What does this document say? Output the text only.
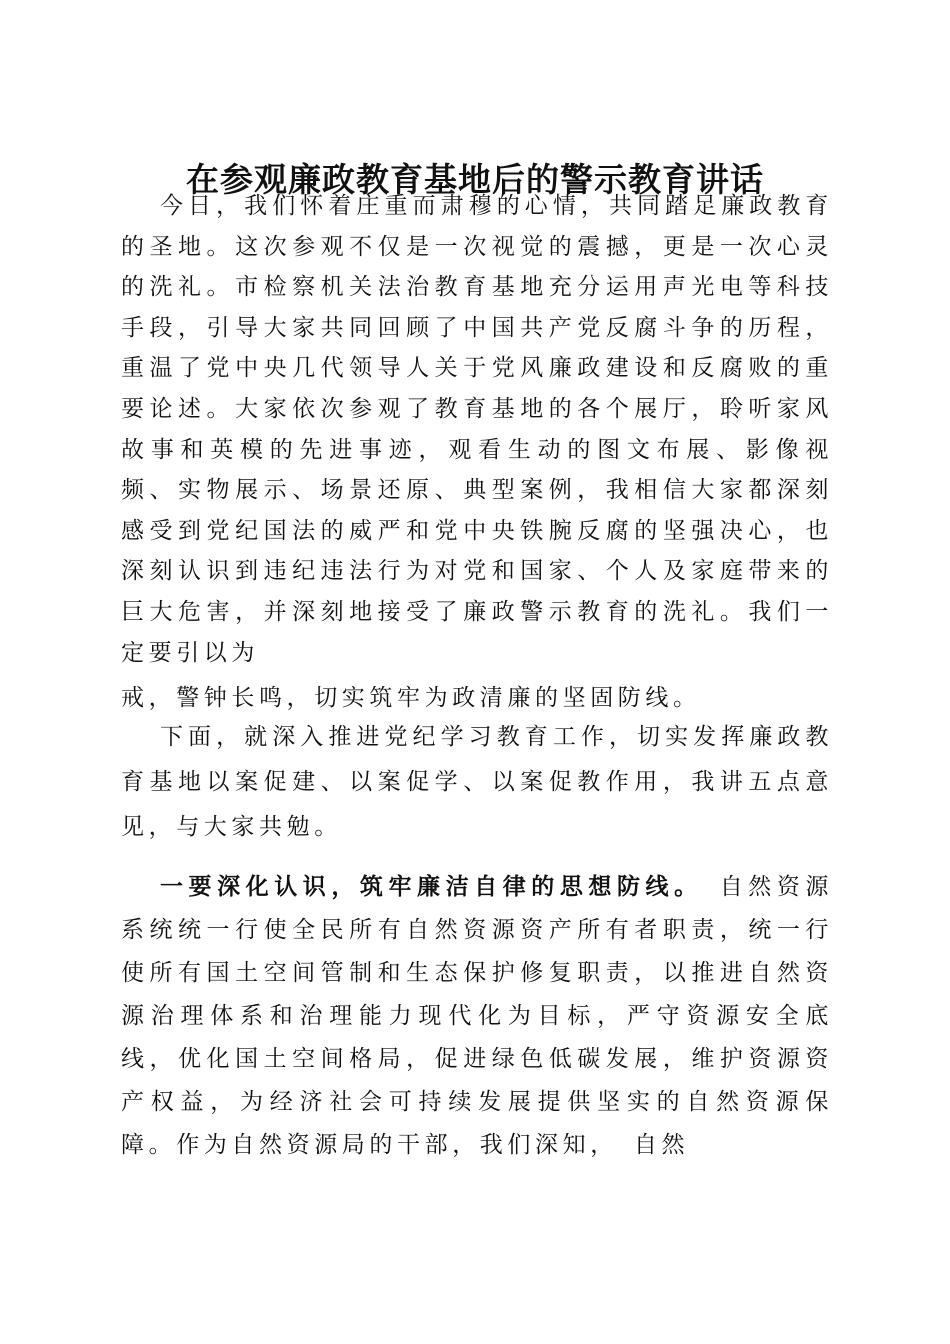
在参观廉政教育基地后的警示教育讲话

今日，我们怀着庄重而肃穆的心情，共同踏足廉政教育的圣地。这次参观不仅是一次视觉的震撼，更是一次心灵的洗礼。市检察机关法治教育基地充分运用声光电等科技手段，引导大家共同回顾了中国共产党反腐斗争的历程，重温了党中央几代领导人关于党风廉政建设和反腐败的重要论述。大家依次参观了教育基地的各个展厅，聆听家风故事和英模的先进事迹，观看生动的图文布展、影像视频、实物展示、场景还原、典型案例，我相信大家都深刻感受到党纪国法的威严和党中央铁腕反腐的坚强决心，也深刻认识到违纪违法行为对党和国家、个人及家庭带来的巨大危害，并深刻地接受了廉政警示教育的洗礼。我们一定要引以为
戒，警钟长鸣，切实筑牢为政清廉的坚固防线。

下面，就深入推进党纪学习教育工作，切实发挥廉政教育基地以案促建、以案促学、以案促教作用，我讲五点意见，与大家共勉。

一要深化认识，筑牢廉洁自律的思想防线。　自然资源系统统一行使全民所有自然资源资产所有者职责，统一行使所有国土空间管制和生态保护修复职责，以推进自然资源治理体系和治理能力现代化为目标，严守资源安全底线，优化国土空间格局，促进绿色低碳发展，维护资源资产权益，为经济社会可持续发展提供坚实的自然资源保障。作为自然资源局的干部，我们深知，　自然
